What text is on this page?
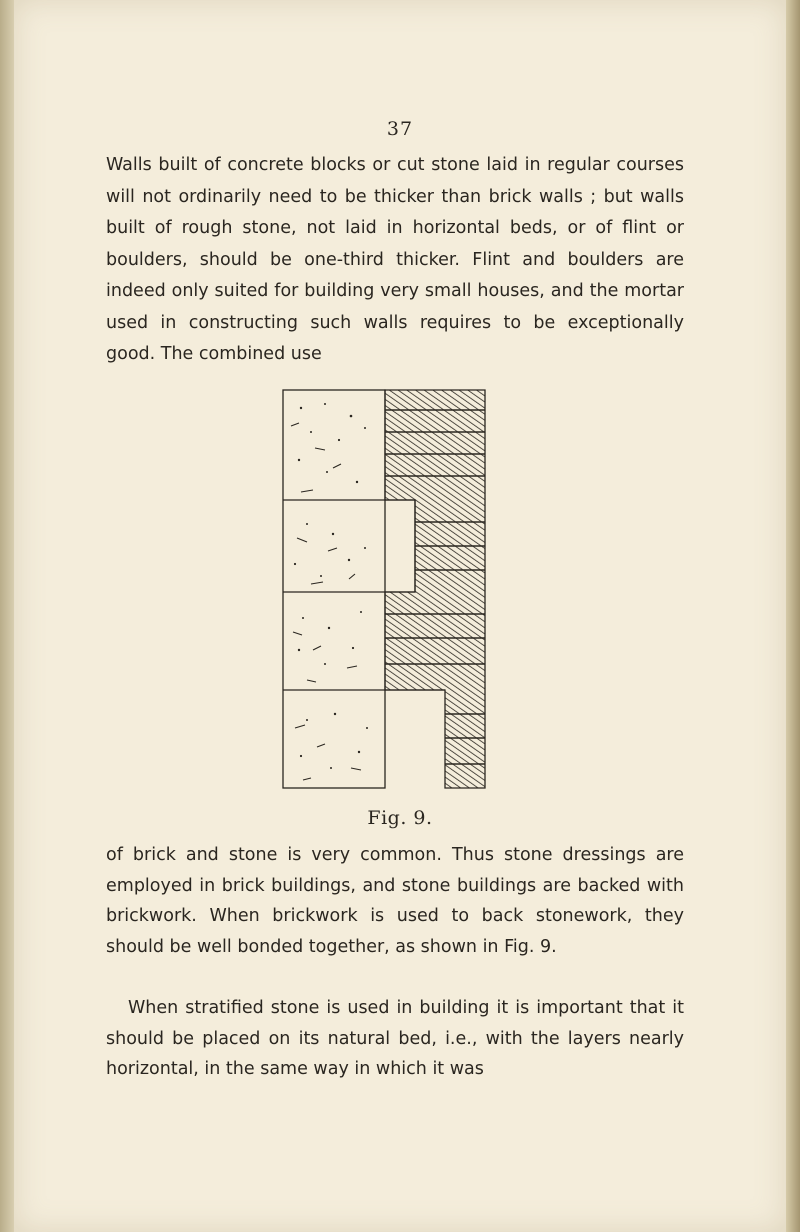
37

Walls built of concrete blocks or cut stone laid in regular courses will not ordinarily need to be thicker than brick walls ; but walls built of rough stone, not laid in horizontal beds, or of flint or boulders, should be one-third thicker. Flint and boulders are indeed only suited for building very small houses, and the mortar used in constructing such walls requires to be exceptionally good. The combined use

Fig. 9.

of brick and stone is very common. Thus stone dressings are employed in brick buildings, and stone buildings are backed with brickwork. When brickwork is used to back stonework, they should be well bonded together, as shown in Fig. 9.

When stratified stone is used in building it is important that it should be placed on its natural bed, i.e., with the layers nearly horizontal, in the same way in which it was
